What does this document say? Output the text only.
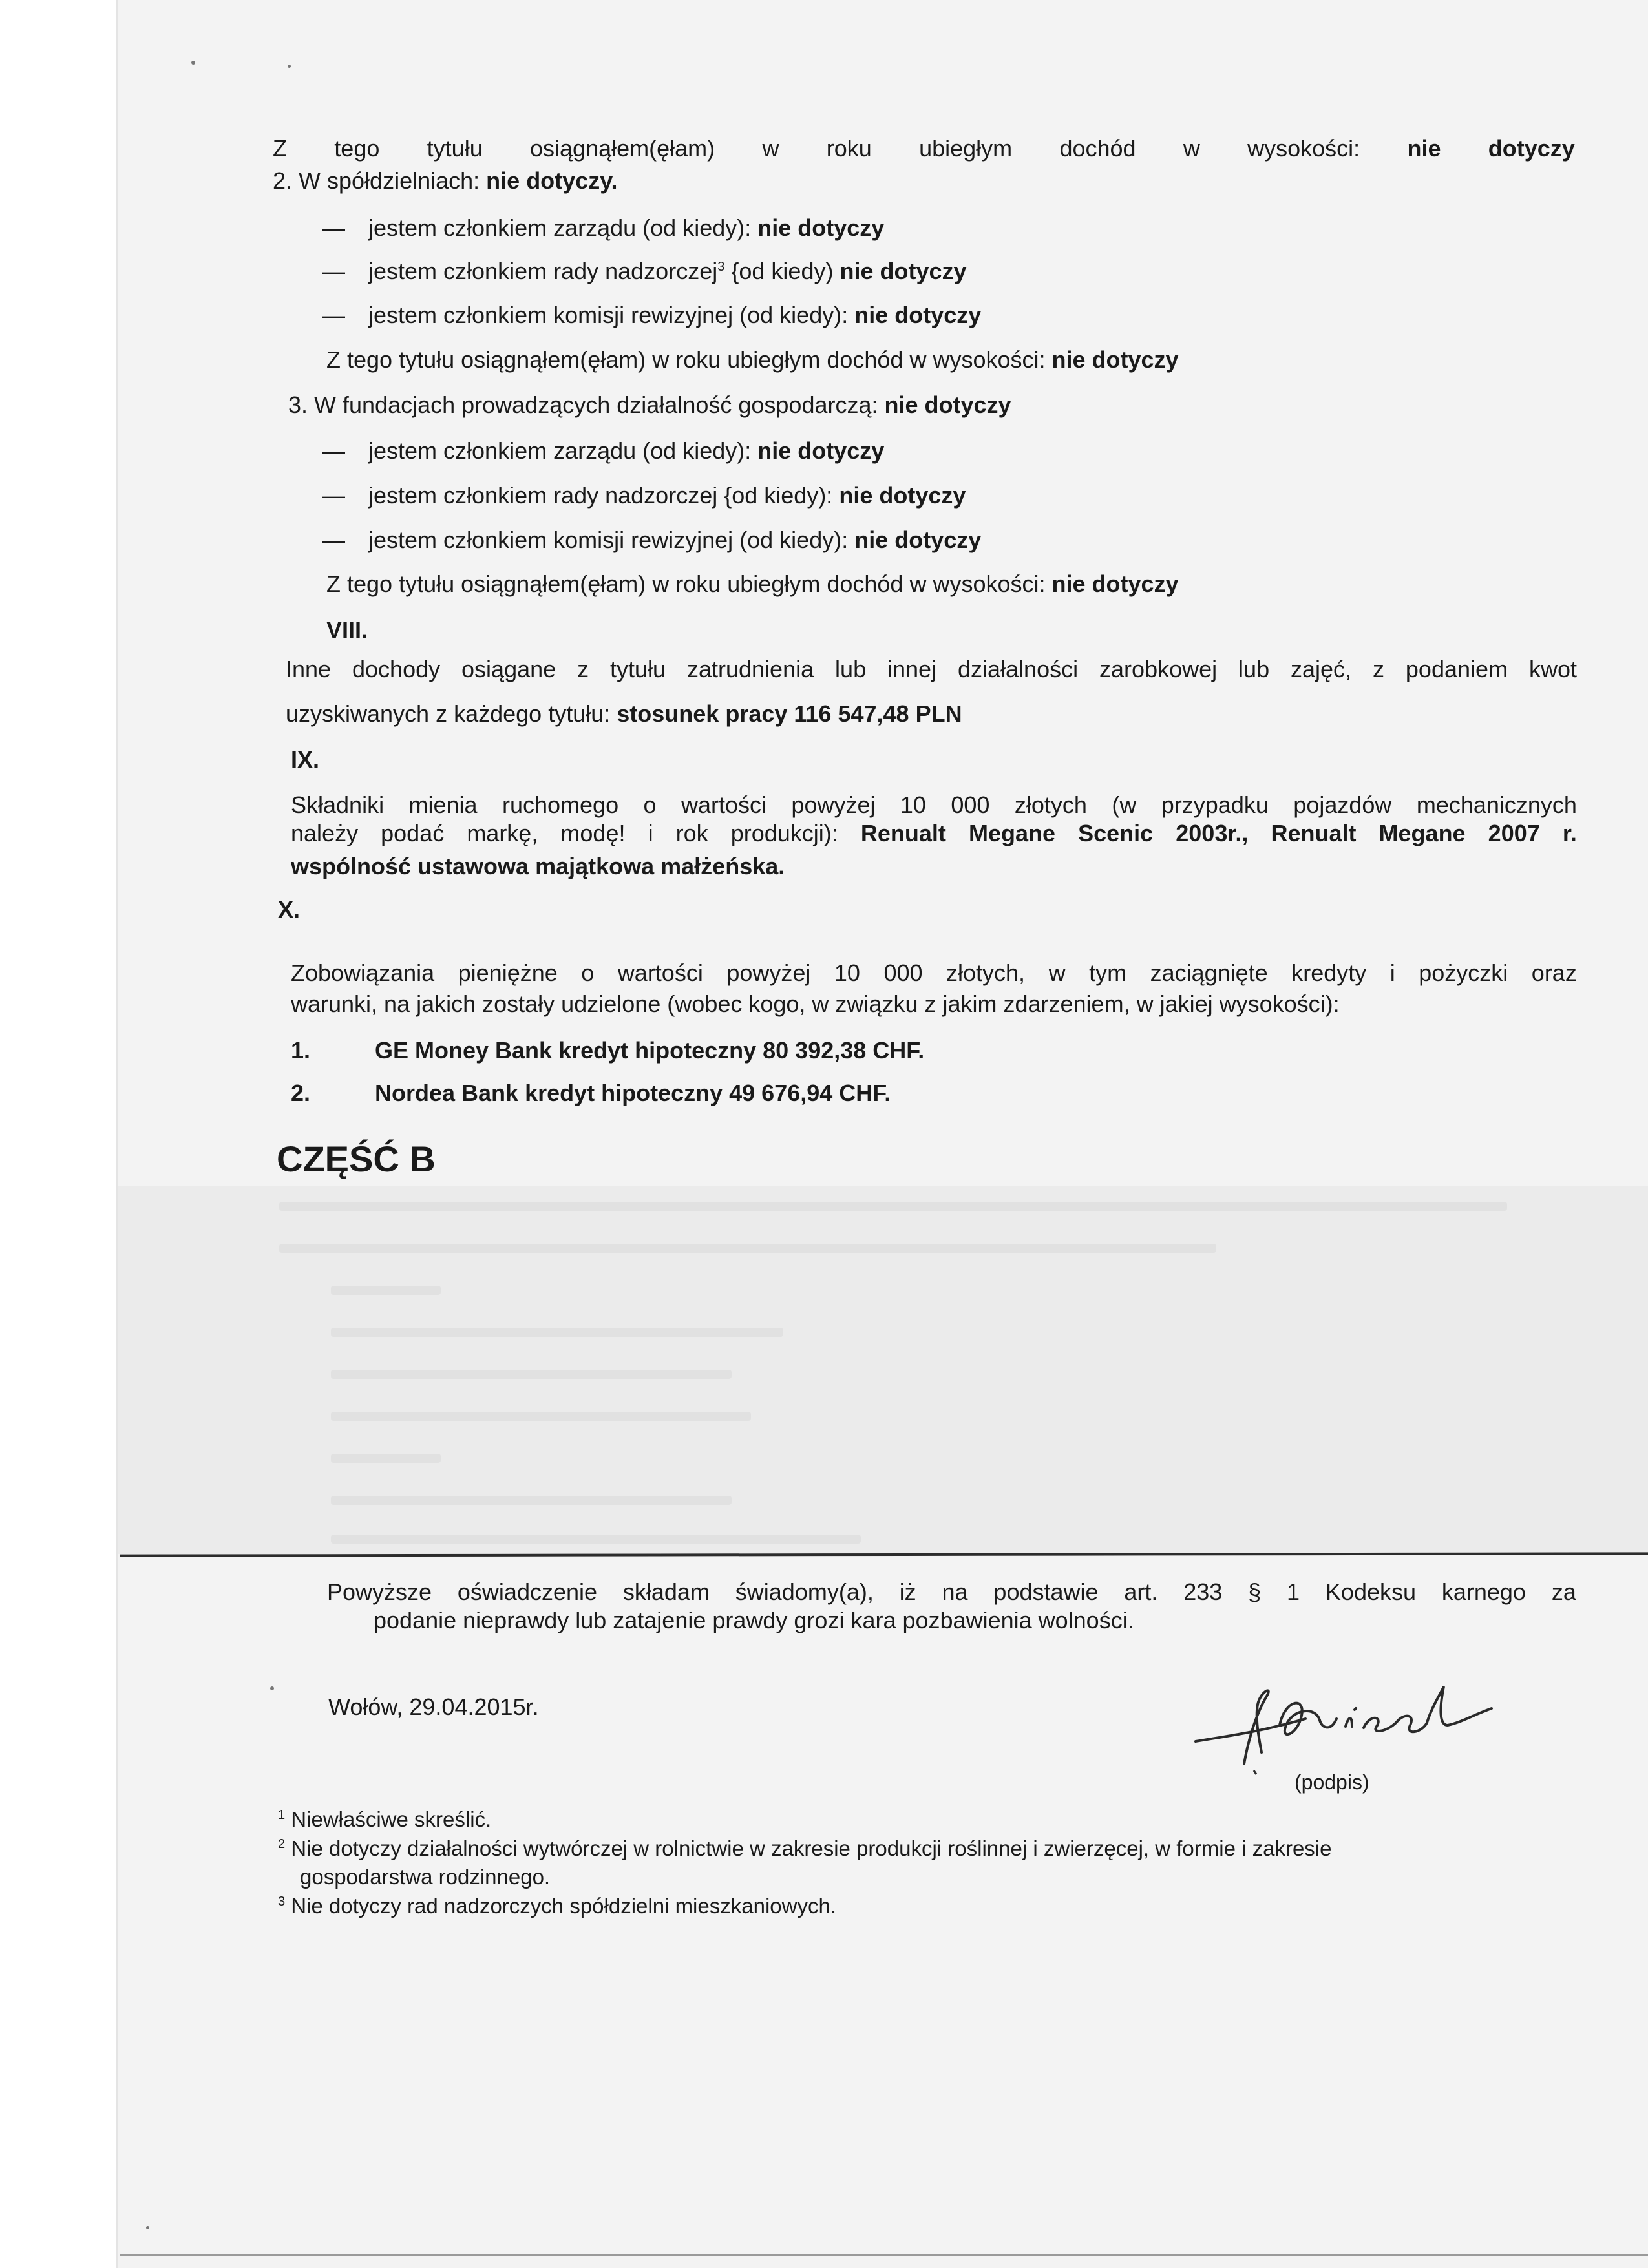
Z tego tytułu osiągnąłem(ęłam) w roku ubiegłym dochód w wysokości: nie dotyczy
2. W spółdzielniach: nie dotyczy.
— jestem członkiem zarządu (od kiedy): nie dotyczy
— jestem członkiem rady nadzorczej$^3$ {od kiedy) nie dotyczy
— jestem członkiem komisji rewizyjnej (od kiedy): nie dotyczy
Z tego tytułu osiągnąłem(ęłam) w roku ubiegłym dochód w wysokości: nie dotyczy
3. W fundacjach prowadzących działalność gospodarczą: nie dotyczy
— jestem członkiem zarządu (od kiedy): nie dotyczy
— jestem członkiem rady nadzorczej {od kiedy): nie dotyczy
— jestem członkiem komisji rewizyjnej (od kiedy): nie dotyczy
Z tego tytułu osiągnąłem(ęłam) w roku ubiegłym dochód w wysokości: nie dotyczy
VIII.
Inne dochody osiągane z tytułu zatrudnienia lub innej działalności zarobkowej lub zajęć, z podaniem kwot
uzyskiwanych z każdego tytułu: stosunek pracy 116 547,48 PLN
IX.
Składniki mienia ruchomego o wartości powyżej 10 000 złotych (w przypadku pojazdów mechanicznych
należy podać markę, modę! i rok produkcji): Renualt Megane Scenic 2003r., Renualt Megane 2007 r.
wspólność ustawowa majątkowa małżeńska.
X.
Zobowiązania pieniężne o wartości powyżej 10 000 złotych, w tym zaciągnięte kredyty i pożyczki oraz
warunki, na jakich zostały udzielone (wobec kogo, w związku z jakim zdarzeniem, w jakiej wysokości):
1.	GE Money Bank kredyt hipoteczny 80 392,38 CHF.
2.	Nordea Bank kredyt hipoteczny 49 676,94 CHF.
CZĘŚĆ B
Powyższe oświadczenie składam świadomy(a), iż na podstawie art. 233 § 1 Kodeksu karnego za
podanie nieprawdy lub zatajenie prawdy grozi kara pozbawienia wolności.
Wołów, 29.04.2015r.
(podpis)
$^1$ Niewłaściwe skreślić.
$^2$ Nie dotyczy działalności wytwórczej w rolnictwie w zakresie produkcji roślinnej i zwierzęcej, w formie i zakresie
gospodarstwa rodzinnego.
$^3$ Nie dotyczy rad nadzorczych spółdzielni mieszkaniowych.
